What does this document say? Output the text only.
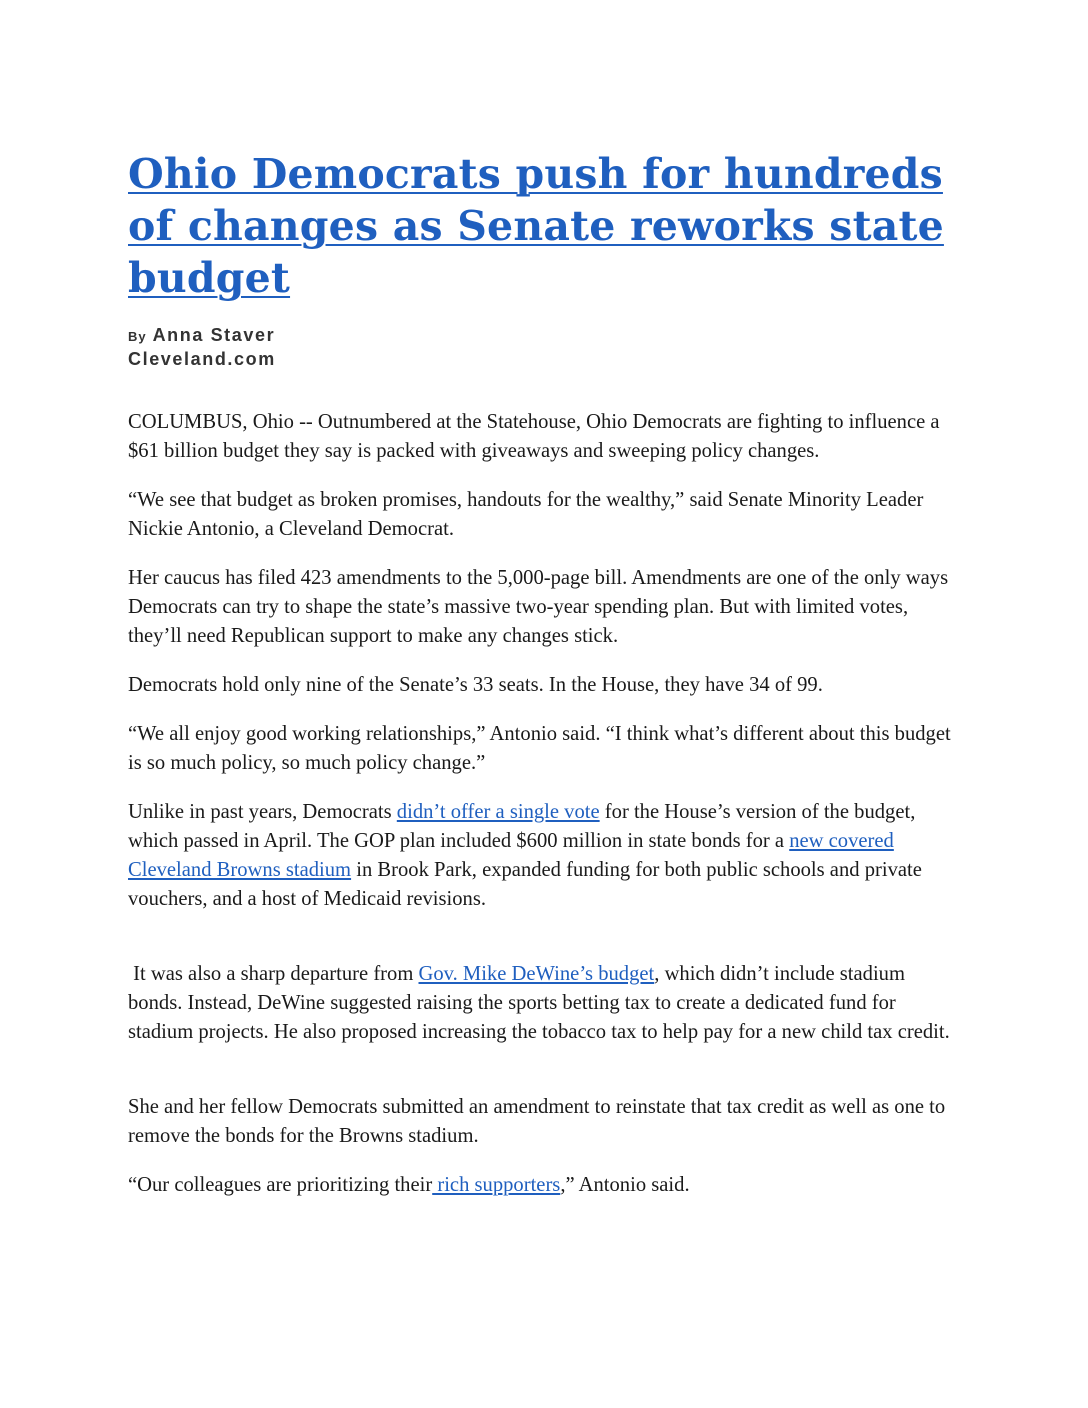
Ohio Democrats push for hundreds of changes as Senate reworks state budget
By Anna Staver
Cleveland.com

COLUMBUS, Ohio -- Outnumbered at the Statehouse, Ohio Democrats are fighting to influence a $61 billion budget they say is packed with giveaways and sweeping policy changes.

“We see that budget as broken promises, handouts for the wealthy,” said Senate Minority Leader Nickie Antonio, a Cleveland Democrat.

Her caucus has filed 423 amendments to the 5,000-page bill. Amendments are one of the only ways Democrats can try to shape the state’s massive two-year spending plan. But with limited votes, they’ll need Republican support to make any changes stick.

Democrats hold only nine of the Senate’s 33 seats. In the House, they have 34 of 99.

“We all enjoy good working relationships,” Antonio said. “I think what’s different about this budget is so much policy, so much policy change.”

Unlike in past years, Democrats didn’t offer a single vote for the House’s version of the budget, which passed in April. The GOP plan included $600 million in state bonds for a new covered Cleveland Browns stadium in Brook Park, expanded funding for both public schools and private vouchers, and a host of Medicaid revisions.

It was also a sharp departure from Gov. Mike DeWine’s budget, which didn’t include stadium bonds. Instead, DeWine suggested raising the sports betting tax to create a dedicated fund for stadium projects. He also proposed increasing the tobacco tax to help pay for a new child tax credit.

She and her fellow Democrats submitted an amendment to reinstate that tax credit as well as one to remove the bonds for the Browns stadium.

“Our colleagues are prioritizing their rich supporters,” Antonio said.
